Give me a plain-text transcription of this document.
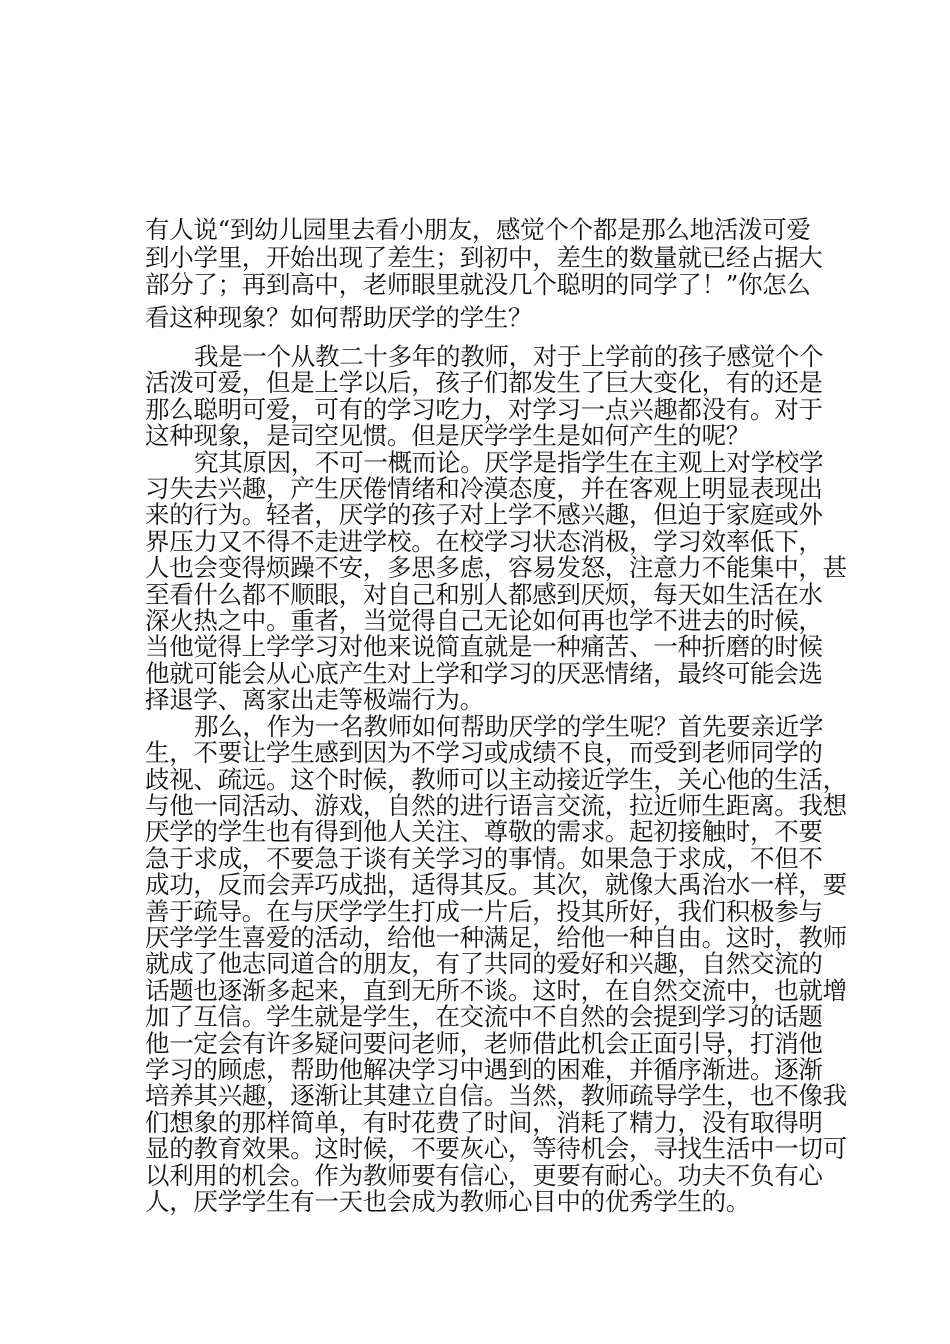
有人说“到幼儿园里去看小朋友，感觉个个都是那么地活泼可爱
到小学里，开始出现了差生；到初中，差生的数量就已经占据大
部分了；再到高中，老师眼里就没几个聪明的同学了！”你怎么
看这种现象？如何帮助厌学的学生？
我是一个从教二十多年的教师，对于上学前的孩子感觉个个
活泼可爱，但是上学以后，孩子们都发生了巨大变化，有的还是
那么聪明可爱，可有的学习吃力，对学习一点兴趣都没有。对于
这种现象，是司空见惯。但是厌学学生是如何产生的呢？
究其原因，不可一概而论。厌学是指学生在主观上对学校学
习失去兴趣，产生厌倦情绪和冷漠态度，并在客观上明显表现出
来的行为。轻者，厌学的孩子对上学不感兴趣，但迫于家庭或外
界压力又不得不走进学校。在校学习状态消极，学习效率低下，
人也会变得烦躁不安，多思多虑，容易发怒，注意力不能集中，甚
至看什么都不顺眼，对自己和别人都感到厌烦，每天如生活在水
深火热之中。重者，当觉得自己无论如何再也学不进去的时候，
当他觉得上学学习对他来说简直就是一种痛苦、一种折磨的时候
他就可能会从心底产生对上学和学习的厌恶情绪，最终可能会选
择退学、离家出走等极端行为。
那么，作为一名教师如何帮助厌学的学生呢？首先要亲近学
生，不要让学生感到因为不学习或成绩不良，而受到老师同学的
歧视、疏远。这个时候，教师可以主动接近学生，关心他的生活，
与他一同活动、游戏，自然的进行语言交流，拉近师生距离。我想
厌学的学生也有得到他人关注、尊敬的需求。起初接触时，不要
急于求成，不要急于谈有关学习的事情。如果急于求成，不但不
成功，反而会弄巧成拙，适得其反。其次，就像大禹治水一样，要
善于疏导。在与厌学学生打成一片后，投其所好，我们积极参与
厌学学生喜爱的活动，给他一种满足，给他一种自由。这时，教师
就成了他志同道合的朋友，有了共同的爱好和兴趣，自然交流的
话题也逐渐多起来，直到无所不谈。这时，在自然交流中，也就增
加了互信。学生就是学生，在交流中不自然的会提到学习的话题
他一定会有许多疑问要问老师，老师借此机会正面引导，打消他
学习的顾虑，帮助他解决学习中遇到的困难，并循序渐进。逐渐
培养其兴趣，逐渐让其建立自信。当然，教师疏导学生，也不像我
们想象的那样简单，有时花费了时间，消耗了精力，没有取得明
显的教育效果。这时候，不要灰心，等待机会，寻找生活中一切可
以利用的机会。作为教师要有信心，更要有耐心。功夫不负有心
人，厌学学生有一天也会成为教师心目中的优秀学生的。
